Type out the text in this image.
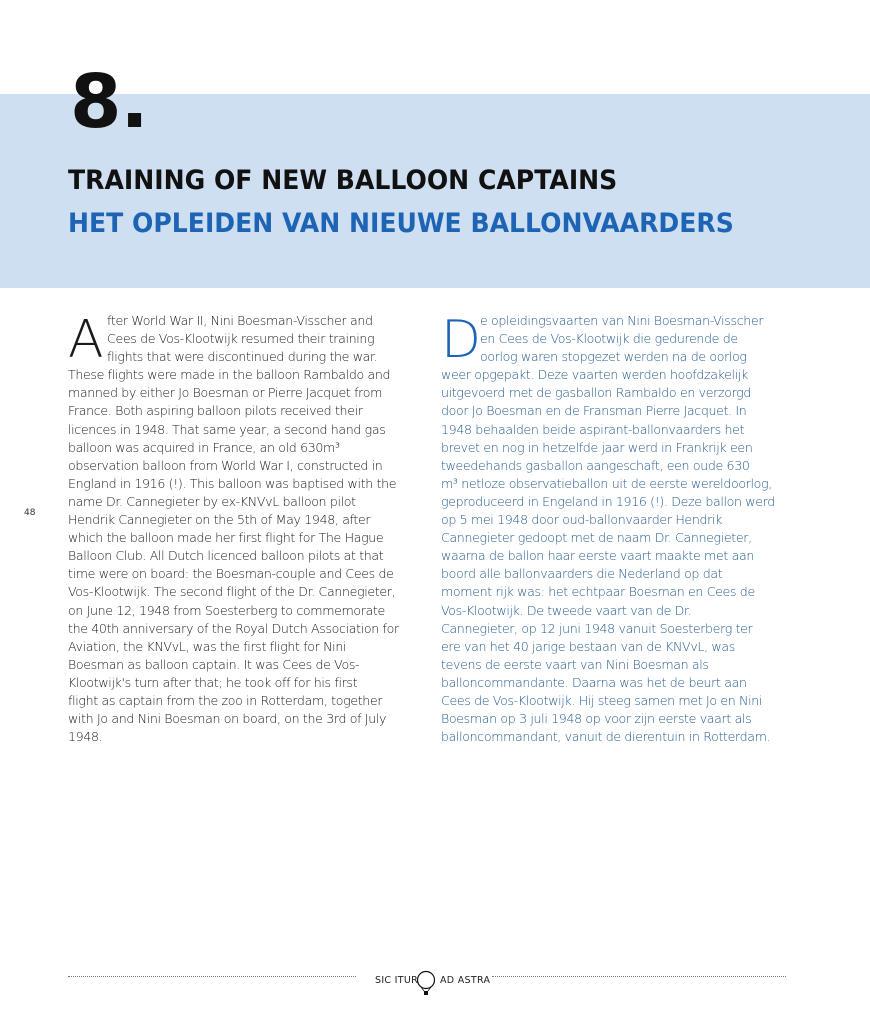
8.
TRAINING OF NEW BALLOON CAPTAINS
HET OPLEIDEN VAN NIEUWE BALLONVAARDERS
48
A fter World War II, Nini Boesman-Visscher and
Cees de Vos-Klootwijk resumed their training
flights that were discontinued during the war.
These flights were made in the balloon Rambaldo and
manned by either Jo Boesman or Pierre Jacquet from
France. Both aspiring balloon pilots received their
licences in 1948. That same year, a second hand gas
balloon was acquired in France, an old 630m³
observation balloon from World War I, constructed in
England in 1916 (!). This balloon was baptised with the
name Dr. Cannegieter by ex-KNVvL balloon pilot
Hendrik Cannegieter on the 5th of May 1948, after
which the balloon made her first flight for The Hague
Balloon Club. All Dutch licenced balloon pilots at that
time were on board: the Boesman-couple and Cees de
Vos-Klootwijk. The second flight of the Dr. Cannegieter,
on June 12, 1948 from Soesterberg to commemorate
the 40th anniversary of the Royal Dutch Association for
Aviation, the KNVvL, was the first flight for Nini
Boesman as balloon captain. It was Cees de Vos-
Klootwijk's turn after that; he took off for his first
flight as captain from the zoo in Rotterdam, together
with Jo and Nini Boesman on board, on the 3rd of July
1948.
D e opleidingsvaarten van Nini Boesman-Visscher
en Cees de Vos-Klootwijk die gedurende de
oorlog waren stopgezet werden na de oorlog
weer opgepakt. Deze vaarten werden hoofdzakelijk
uitgevoerd met de gasballon Rambaldo en verzorgd
door Jo Boesman en de Fransman Pierre Jacquet. In
1948 behaalden beide aspirant-ballonvaarders het
brevet en nog in hetzelfde jaar werd in Frankrijk een
tweedehands gasballon aangeschaft, een oude 630
m³ netloze observatieballon uit de eerste wereldoorlog,
geproduceerd in Engeland in 1916 (!). Deze ballon werd
op 5 mei 1948 door oud-ballonvaarder Hendrik
Cannegieter gedoopt met de naam Dr. Cannegieter,
waarna de ballon haar eerste vaart maakte met aan
boord alle ballonvaarders die Nederland op dat
moment rijk was: het echtpaar Boesman en Cees de
Vos-Klootwijk. De tweede vaart van de Dr.
Cannegieter, op 12 juni 1948 vanuit Soesterberg ter
ere van het 40 jarige bestaan van de KNVvL, was
tevens de eerste vaart van Nini Boesman als
balloncommandante. Daarna was het de beurt aan
Cees de Vos-Klootwijk. Hij steeg samen met Jo en Nini
Boesman op 3 juli 1948 op voor zijn eerste vaart als
balloncommandant, vanuit de dierentuin in Rotterdam.
SIC ITUR AD ASTRA
